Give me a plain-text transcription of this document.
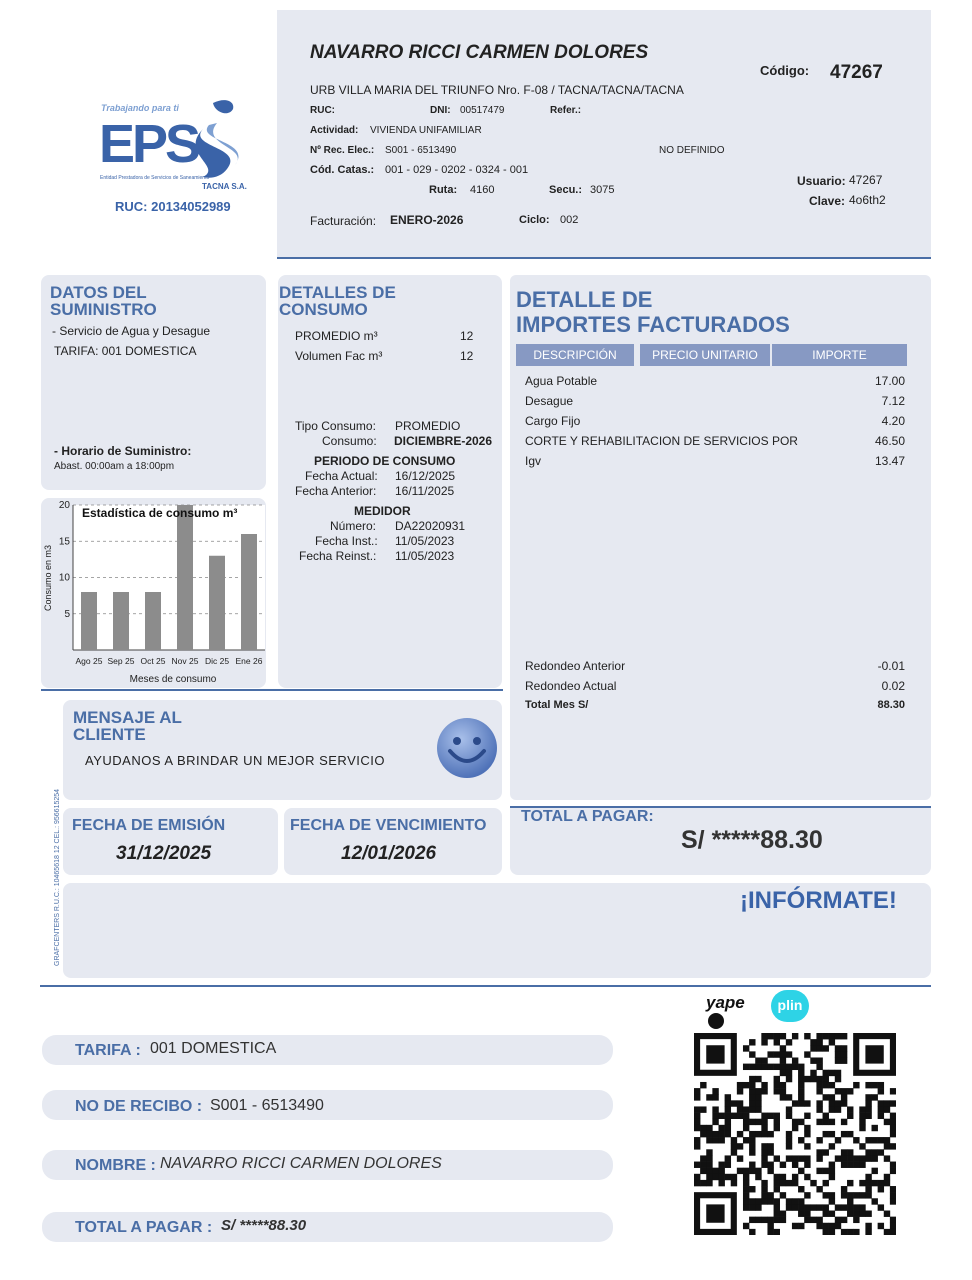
Trabajando para ti
EPS
Entidad Prestadora de Servicios de Saneamiento
TACNA S.A.
RUC: 20134052989
NAVARRO RICCI CARMEN DOLORES
Código: 47267
URB VILLA MARIA DEL TRIUNFO Nro. F-08 / TACNA/TACNA/TACNA
RUC:	DNI: 00517479	Refer.:
Actividad: VIVIENDA UNIFAMILIAR
Nº Rec. Elec.: S001 - 6513490	NO DEFINIDO
Cód. Catas.: 001 - 029 - 0202 - 0324 - 001
Ruta: 4160	Secu.: 3075
Usuario: 47267
Clave: 4o6th2
Facturación: ENERO-2026	Ciclo: 002
DATOS DEL
SUMINISTRO
- Servicio de Agua y Desague
TARIFA: 001 DOMESTICA
- Horario de Suministro:
Abast. 00:00am a 18:00pm
5
10
15
20
Ago 25 Sep 25 Oct 25 Nov 25 Dic 25 Ene 26
Estadística de consumo m³
Meses de consumo
Consumo en m3
DETALLES DE
CONSUMO
PROMEDIO m³	12
Volumen Fac m³	12
Tipo Consumo: PROMEDIO
Consumo: DICIEMBRE-2026
PERIODO DE CONSUMO
Fecha Actual: 16/12/2025
Fecha Anterior: 16/11/2025
MEDIDOR
Número: DA22020931
Fecha Inst.: 11/05/2023
Fecha Reinst.: 11/05/2023
DETALLE DE
IMPORTES FACTURADOS
DESCRIPCIÓN	PRECIO UNITARIO	IMPORTE
Agua Potable	17.00
Desague	7.12
Cargo Fijo	4.20
CORTE Y REHABILITACION DE SERVICIOS POR	46.50
Igv	13.47
Redondeo Anterior	-0.01
Redondeo Actual	0.02
Total Mes S/	88.30
MENSAJE AL
CLIENTE
AYUDANOS A BRINDAR UN MEJOR SERVICIO
GRAFCENTERS R.U.C.: 10465618 12 CEL.: 956615254 FECHA DE EMISIÓN
31/12/2025
FECHA DE VENCIMIENTO
12/01/2026
TOTAL A PAGAR:
S/ *****88.30
¡INFÓRMATE!
yape	plin
TARIFA : 001 DOMESTICA
NO DE RECIBO : S001 - 6513490
NOMBRE : NAVARRO RICCI CARMEN DOLORES
TOTAL A PAGAR : S/ *****88.30
